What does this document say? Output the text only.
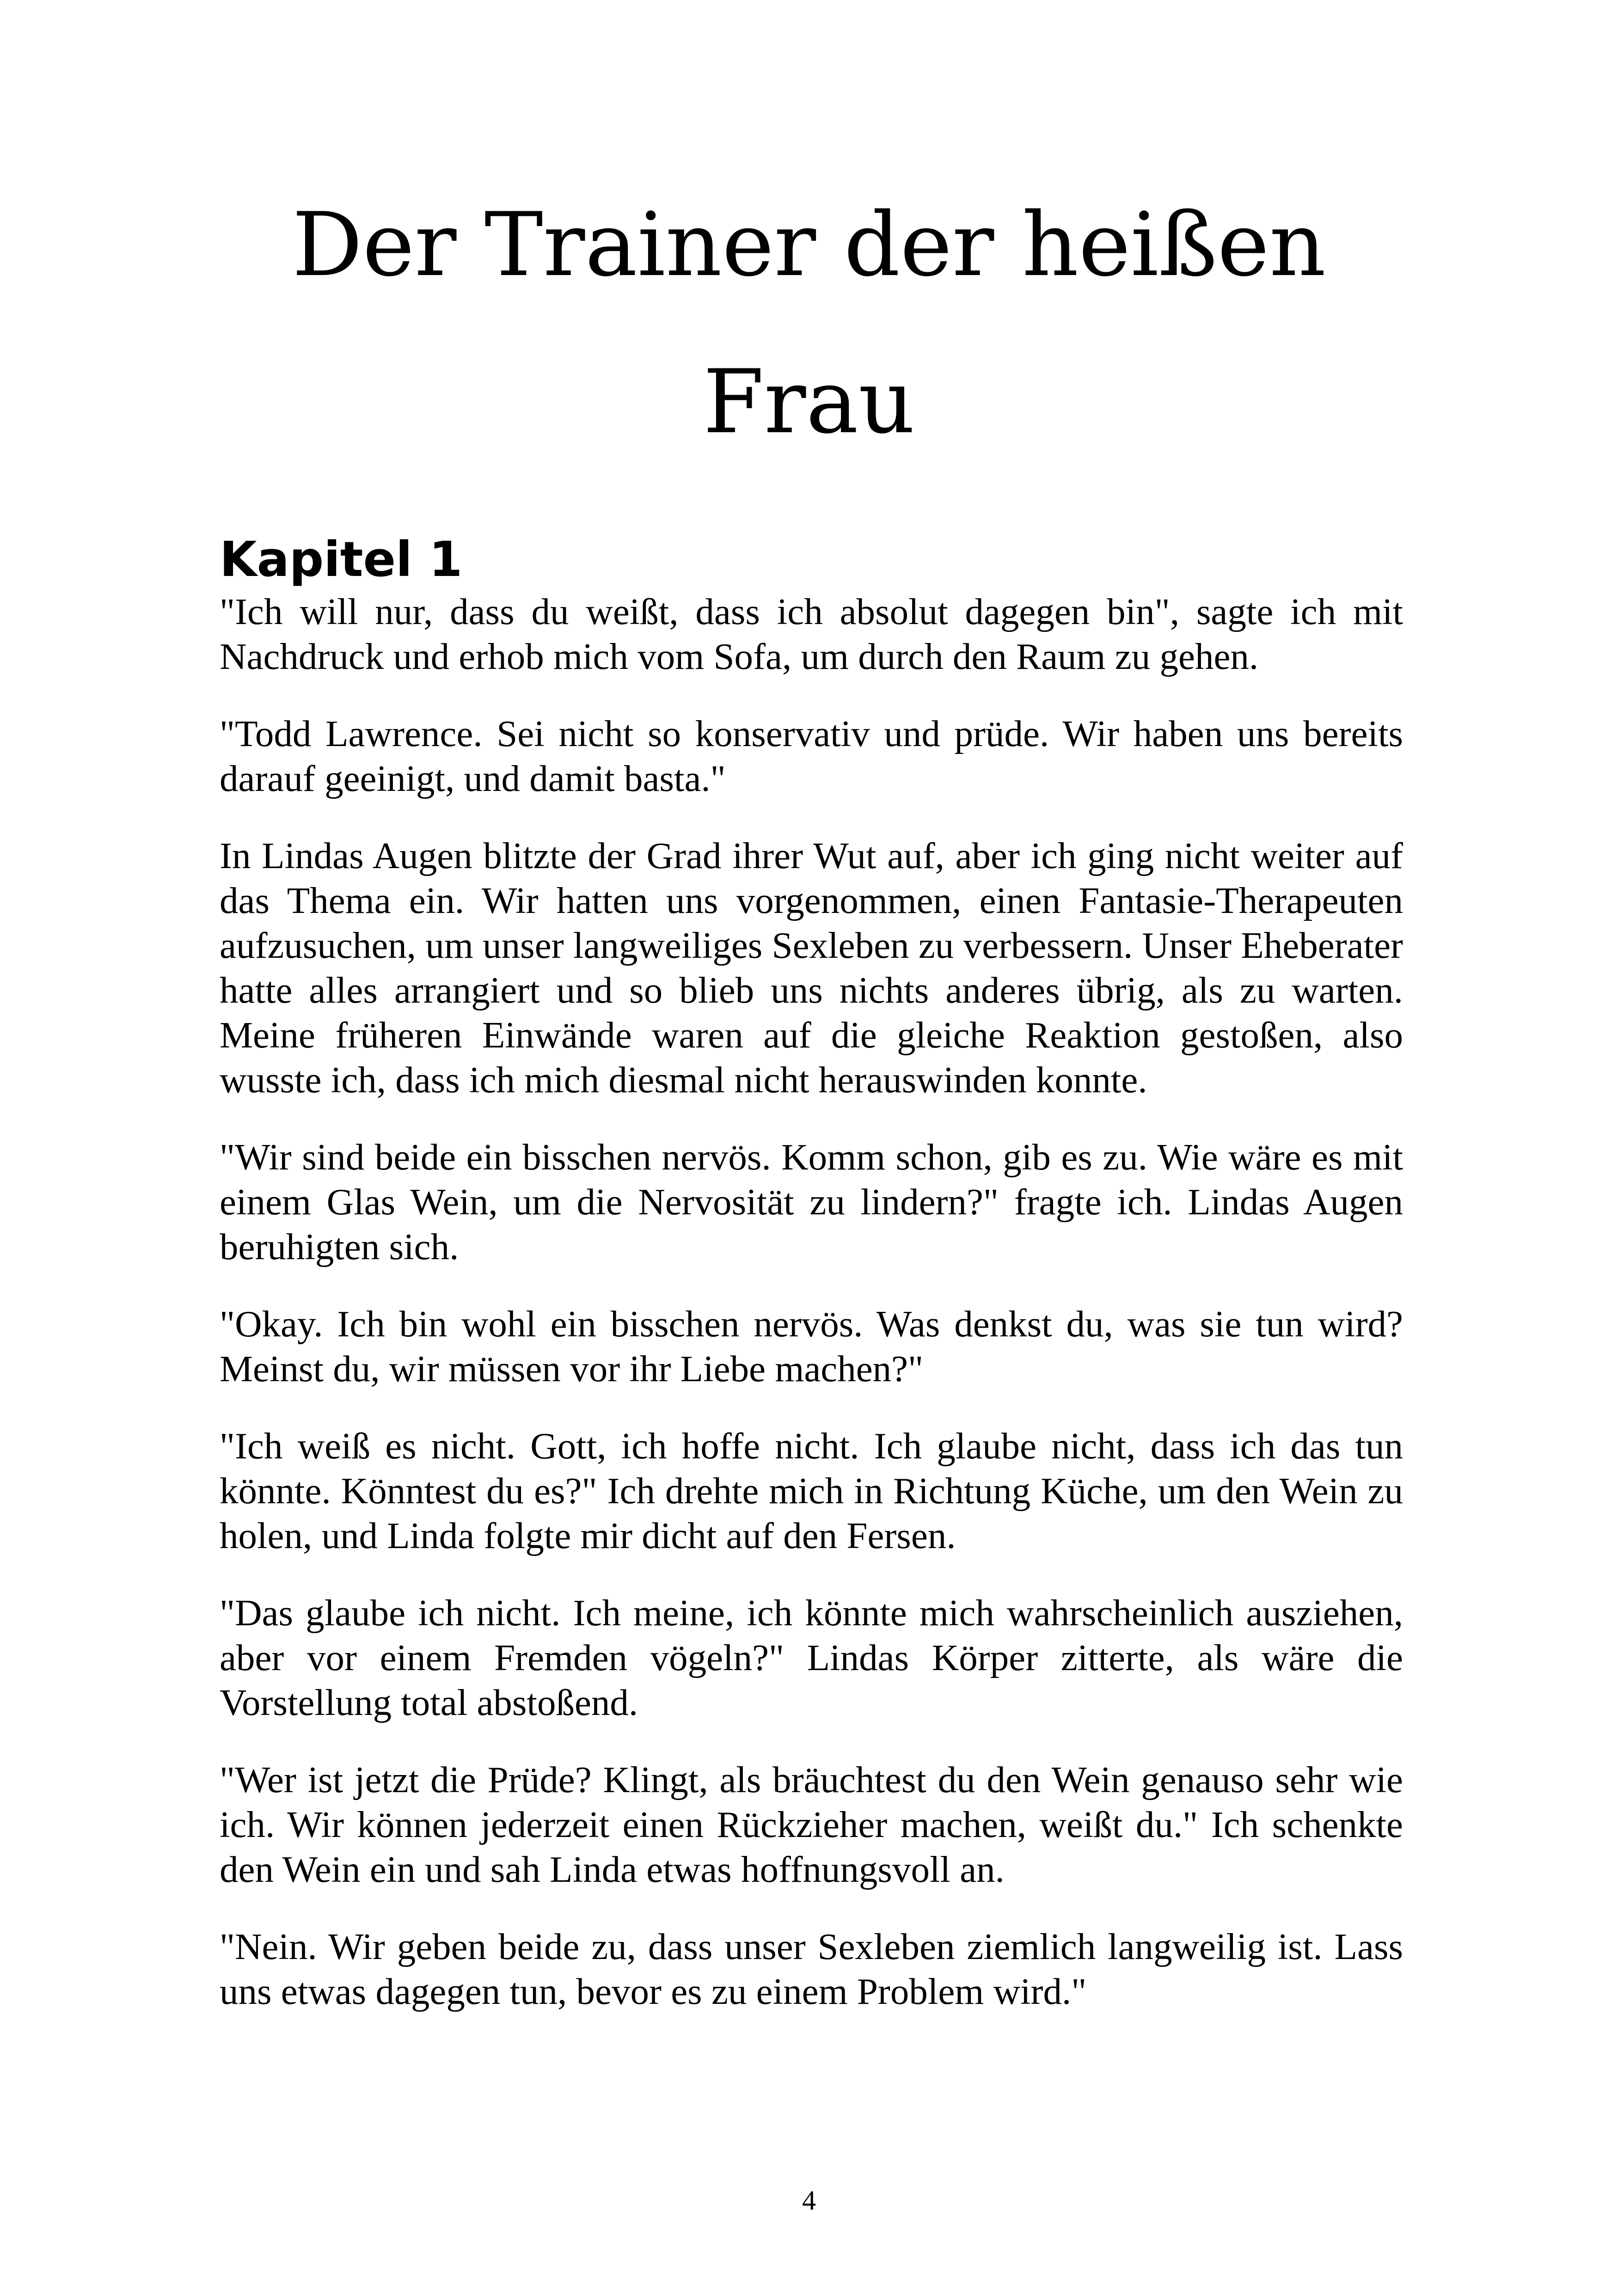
Der Trainer der heißen
Frau
Kapitel 1

"Ich will nur, dass du weißt, dass ich absolut dagegen bin", sagte ich mit Nachdruck und erhob mich vom Sofa, um durch den Raum zu gehen.

"Todd Lawrence. Sei nicht so konservativ und prüde. Wir haben uns bereits darauf geeinigt, und damit basta."

In Lindas Augen blitzte der Grad ihrer Wut auf, aber ich ging nicht weiter auf das Thema ein. Wir hatten uns vorgenommen, einen Fantasie-Therapeuten aufzusuchen, um unser langweiliges Sexleben zu verbessern. Unser Eheberater hatte alles arrangiert und so blieb uns nichts anderes übrig, als zu warten. Meine früheren Einwände waren auf die gleiche Reaktion gestoßen, also wusste ich, dass ich mich diesmal nicht herauswinden konnte.

"Wir sind beide ein bisschen nervös. Komm schon, gib es zu. Wie wäre es mit einem Glas Wein, um die Nervosität zu lindern?" fragte ich. Lindas Augen beruhigten sich.

"Okay. Ich bin wohl ein bisschen nervös. Was denkst du, was sie tun wird? Meinst du, wir müssen vor ihr Liebe machen?"

"Ich weiß es nicht. Gott, ich hoffe nicht. Ich glaube nicht, dass ich das tun könnte. Könntest du es?" Ich drehte mich in Richtung Küche, um den Wein zu holen, und Linda folgte mir dicht auf den Fersen.

"Das glaube ich nicht. Ich meine, ich könnte mich wahrscheinlich ausziehen, aber vor einem Fremden vögeln?" Lindas Körper zitterte, als wäre die Vorstellung total abstoßend.

"Wer ist jetzt die Prüde? Klingt, als bräuchtest du den Wein genauso sehr wie ich. Wir können jederzeit einen Rückzieher machen, weißt du." Ich schenkte den Wein ein und sah Linda etwas hoffnungsvoll an.

"Nein. Wir geben beide zu, dass unser Sexleben ziemlich langweilig ist. Lass uns etwas dagegen tun, bevor es zu einem Problem wird."

4
